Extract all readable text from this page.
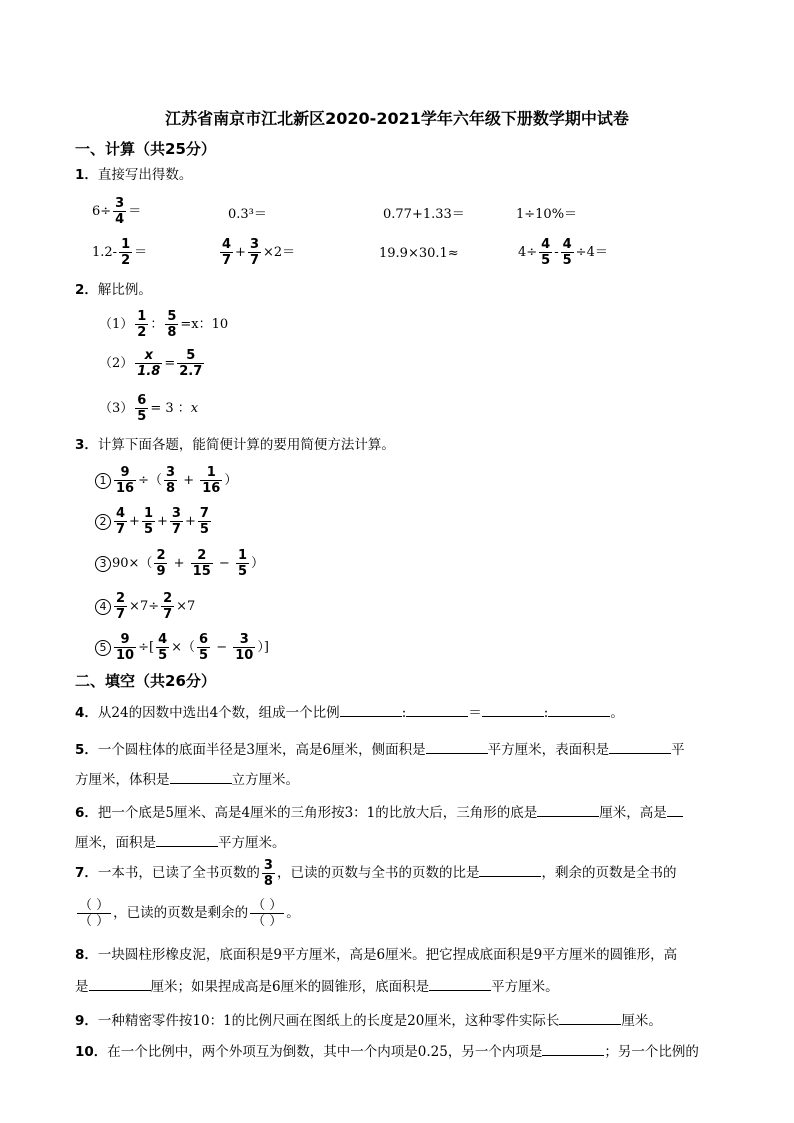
江苏省南京市江北新区2020-2021学年六年级下册数学期中试卷
一、计算（共25分）
1．直接写出得数。
$6\div \frac{3}{4}$ ＝	0.3³＝	0.77+1.33＝	1÷10%＝
$1.2- \frac{1}{2}$ ＝	$\frac{4}{7} + \frac{3}{7} \times 2=$	19.9×30.1≈	$4\div \frac{4}{5} - \frac{4}{5} \div 4=$
2．解比例。
$(1) \frac{1}{2}$ ： $\frac{5}{8} =x$：10
$(2) \frac{x}{1.8} = \frac{5}{2.7}$
$(3) \frac{6}{5} = 3$ ：x
3．计算下面各题，能简便计算的要用简便方法计算。
$1 \frac{9}{16}$ ÷（ $\frac{3}{8} + \frac{1}{16}$ ）
$2 \frac{4}{7} + \frac{1}{5} + \frac{3}{7} + \frac{7}{5}$
3 $90\times( \frac{2}{9} + \frac{2}{15} - \frac{1}{5}$ ）
$4 \frac{2}{7} \times 7\div \frac{2}{7} \times 7$
$5 \frac{9}{10}$ ÷[ $\frac{4}{5}$ ×（ $\frac{6}{5} - \frac{3}{10}$ ）]
二、填空（共26分）
4．从24的因数中选出4个数，组成一个比例	:	＝	:	。
5．一个圆柱体的底面半径是3厘米，高是6厘米，侧面积是	平方厘米，表面积是	平
方厘米，体积是	立方厘米。
6．把一个底是5厘米、高是4厘米的三角形按3：1的比放大后，三角形的底是	厘米，高是
厘米，面积是	平方厘米。
7．一本书，已读了全书页数的 $\frac{3}{8}$ ，已读的页数与全书的页数的比是	，剩余的页数是全书的
$\frac{( )}{( )}$ ，已读的页数是剩余的 $\frac{( )}{( )}$ 。
8．一块圆柱形橡皮泥，底面积是9平方厘米，高是6厘米。把它捏成底面积是9平方厘米的圆锥形，高
是	厘米；如果捏成高是6厘米的圆锥形，底面积是	平方厘米。
9．一种精密零件按10：1的比例尺画在图纸上的长度是20厘米，这种零件实际长	厘米。
10．在一个比例中，两个外项互为倒数，其中一个内项是0.25，另一个内项是	；另一个比例的
